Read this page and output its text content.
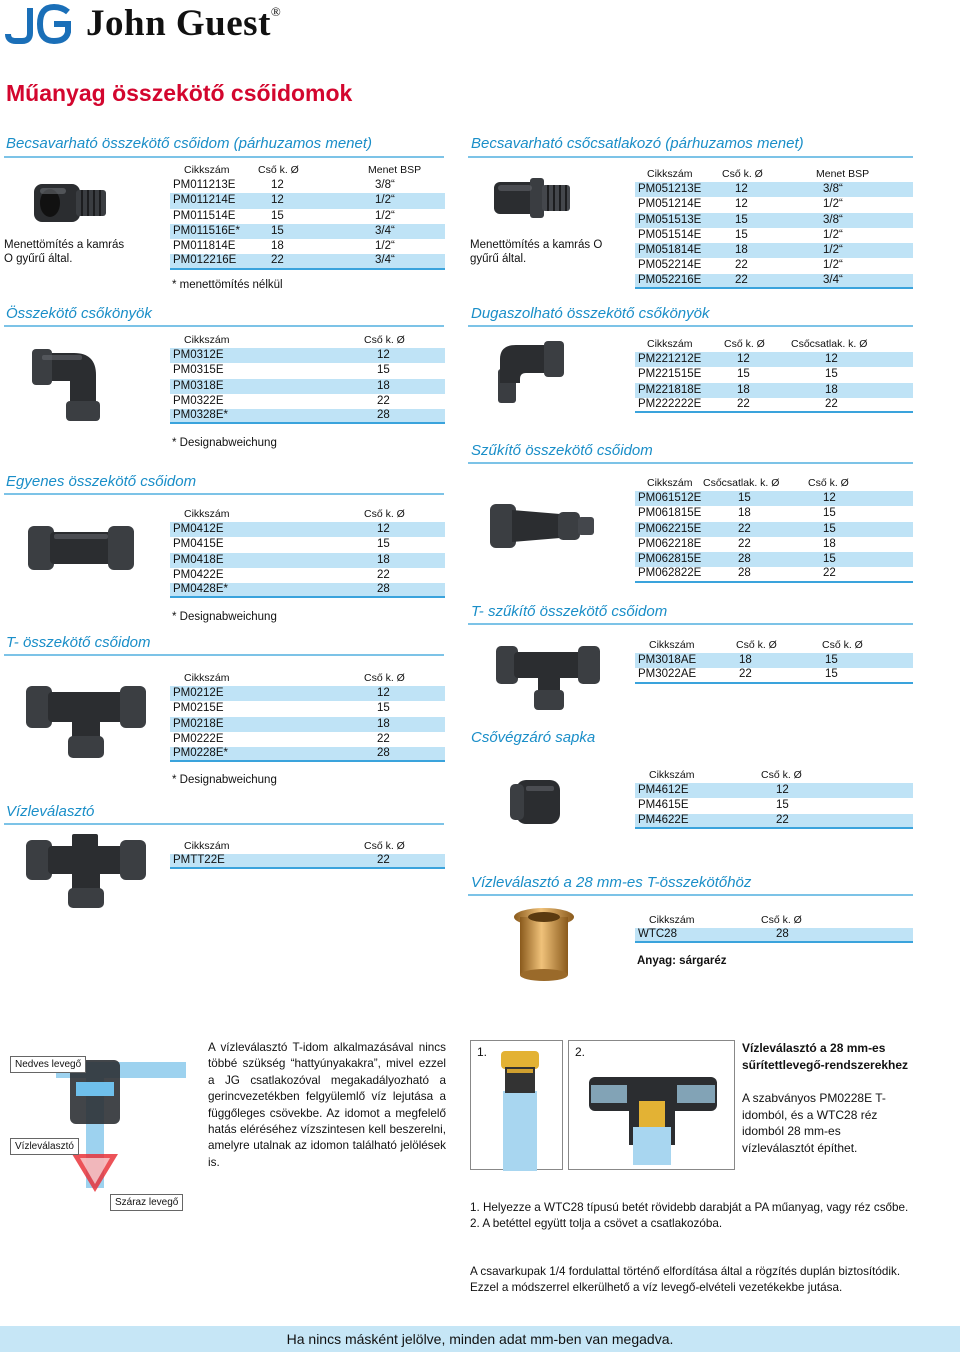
John Guest®
Műanyag összekötő csőidomok
Becsavarható összekötő csőidom (párhuzamos menet)
Menettömítés a kamrás O gyűrű által.
Cikkszám	Cső k. Ø	Menet BSP
PM011213E	12	3/8“
PM011214E	12	1/2“
PM011514E	15	1/2“
PM011516E*	15	3/4“
PM011814E	18	1/2“
PM012216E	22	3/4“
* menettömítés nélkül
Becsavarható csőcsatlakozó (párhuzamos menet)
Menettömítés a kamrás O gyűrű által.
Cikkszám	Cső k. Ø	Menet BSP
PM051213E	12	3/8“
PM051214E	12	1/2“
PM051513E	15	3/8“
PM051514E	15	1/2“
PM051814E	18	1/2“
PM052214E	22	1/2“
PM052216E	22	3/4“
Összekötő csőkönyök
Cikkszám	Cső k. Ø
PM0312E	12
PM0315E	15
PM0318E	18
PM0322E	22
PM0328E*	28
* Designabweichung
Dugaszolható összekötő csőkönyök
Cikkszám	Cső k. Ø	Csőcsatlak. k. Ø
PM221212E	12	12
PM221515E	15	15
PM221818E	18	18
PM222222E	22	22
Egyenes összekötő csőidom
Cikkszám	Cső k. Ø
PM0412E	12
PM0415E	15
PM0418E	18
PM0422E	22
PM0428E*	28
* Designabweichung
Szűkítő összekötő csőidom
Cikkszám Csőcsatlak. k. Ø	Cső k. Ø
PM061512E	15	12
PM061815E	18	15
PM062215E	22	15
PM062218E	22	18
PM062815E	28	15
PM062822E	28	22
T- összekötő csőidom
Cikkszám	Cső k. Ø
PM0212E	12
PM0215E	15
PM0218E	18
PM0222E	22
PM0228E*	28
* Designabweichung
T- szűkítő összekötő csőidom
Cikkszám	Cső k. Ø	Cső k. Ø
PM3018AE	18	15
PM3022AE	22	15
Csővégzáró sapka
Cikkszám	Cső k. Ø
PM4612E	12
PM4615E	15
PM4622E	22
Vízleválasztó
Cikkszám	Cső k. Ø
PMTT22E	22
Vízleválasztó a 28 mm-es T-összekötőhöz
Cikkszám	Cső k. Ø
WTC28	28
Anyag: sárgaréz
Nedves levegő
Vízleválasztó
Száraz levegő
A vízleválasztó T-idom alkalmazásával nincs többé szükség “hattyúnyakakra”, mivel ezzel a JG csatlakozóval megakadályozható a gerincvezetékben felgyülemlő víz lejutása a függőleges csövekbe. Az idomot a megfelelő hatás eléréséhez vízszintesen kell beszerelni, amelyre utalnak az idomon található jelölések is.
1.	2.	Vízleválasztó a 28 mm-es sűrítettlevegő-rendszerekhez
A szabványos PM0228E T-idomból, és a WTC28 réz idomból 28 mm-es vízleválasztót építhet.
1. Helyezze a WTC28 típusú betét rövidebb darabját a PA műanyag, vagy réz csőbe.
2. A betéttel együtt tolja a csövet a csatlakozóba.
A csavarkupak 1/4 fordulattal történő elfordítása által a rögzítés duplán biztosítódik. Ezzel a módszerrel elkerülhető a víz levegő-elvételi vezetékekbe jutása.
Ha nincs másként jelölve, minden adat mm-ben van megadva.
